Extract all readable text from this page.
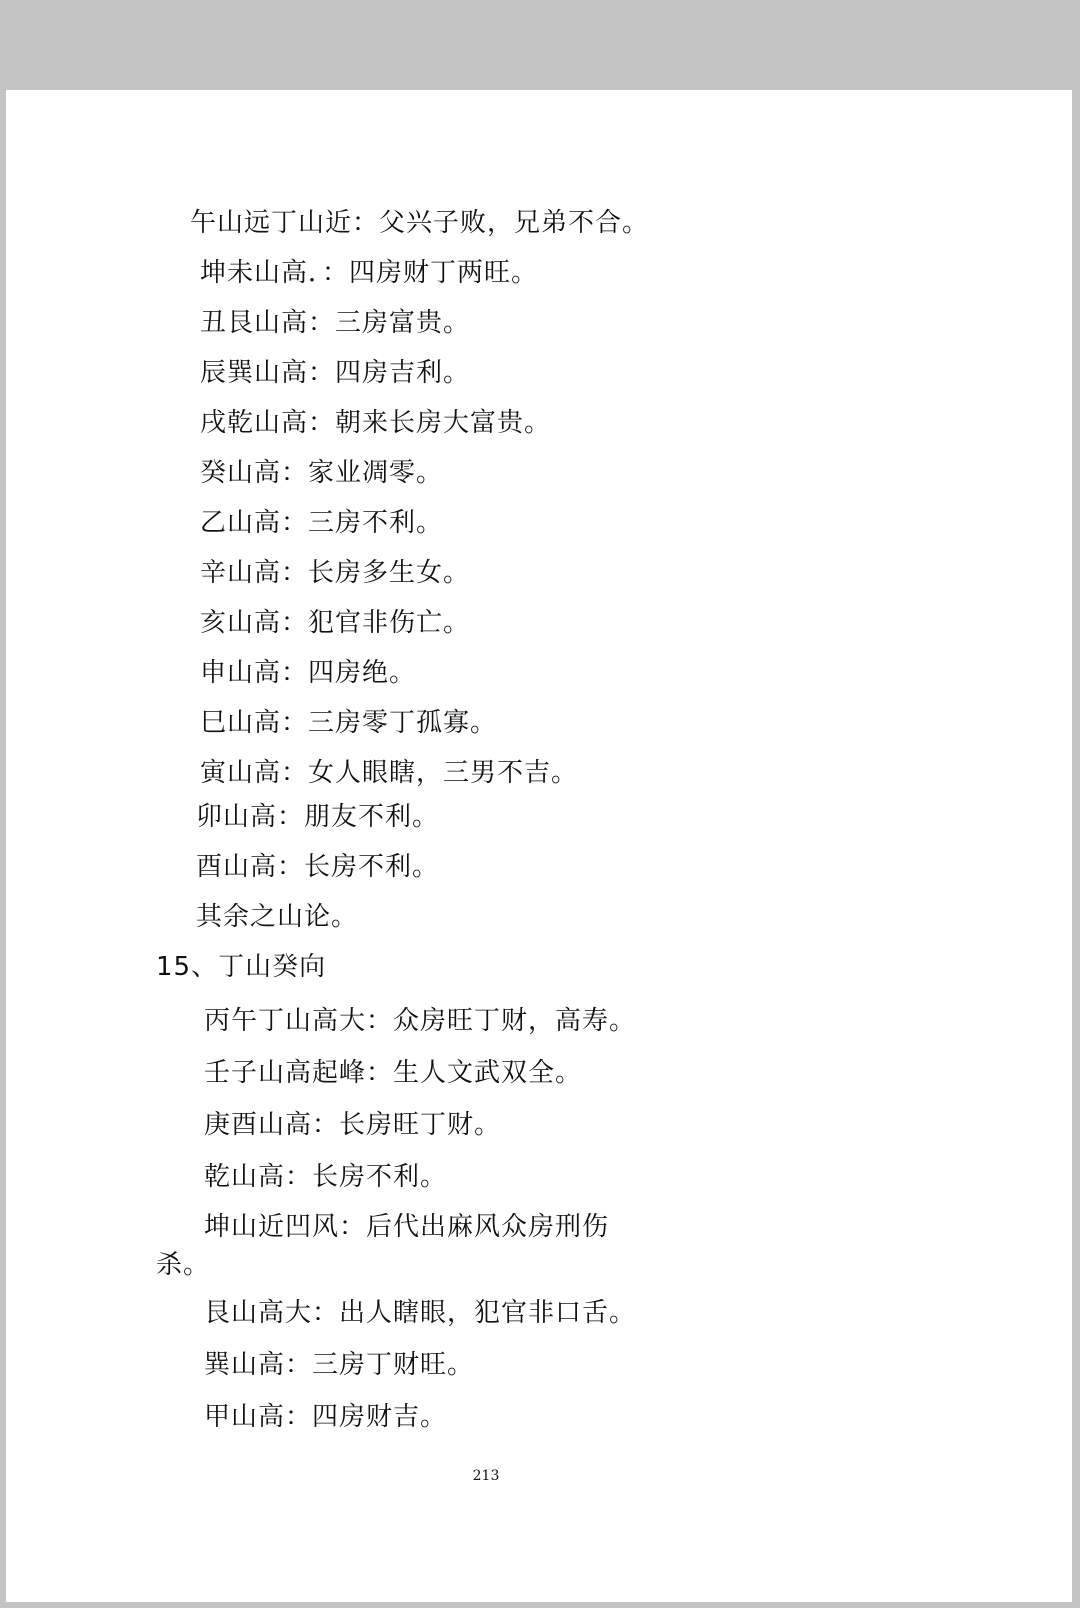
午山远丁山近：父兴子败，兄弟不合。
坤未山高．：四房财丁两旺。
丑艮山高：三房富贵。
辰巽山高：四房吉利。
戌乾山高：朝来长房大富贵。
癸山高：家业凋零。
乙山高：三房不利。
辛山高：长房多生女。
亥山高：犯官非伤亡。
申山高：四房绝。
巳山高：三房零丁孤寡。
寅山高：女人眼瞎，三男不吉。
卯山高：朋友不利。
酉山高：长房不利。
其余之山论。
15、丁山癸向
丙午丁山高大：众房旺丁财，高寿。
壬子山高起峰：生人文武双全。
庚酉山高：长房旺丁财。
乾山高：长房不利。
坤山近凹风：后代出麻风众房刑伤
杀。
艮山高大：出人瞎眼，犯官非口舌。
巽山高：三房丁财旺。
甲山高：四房财吉。
213
